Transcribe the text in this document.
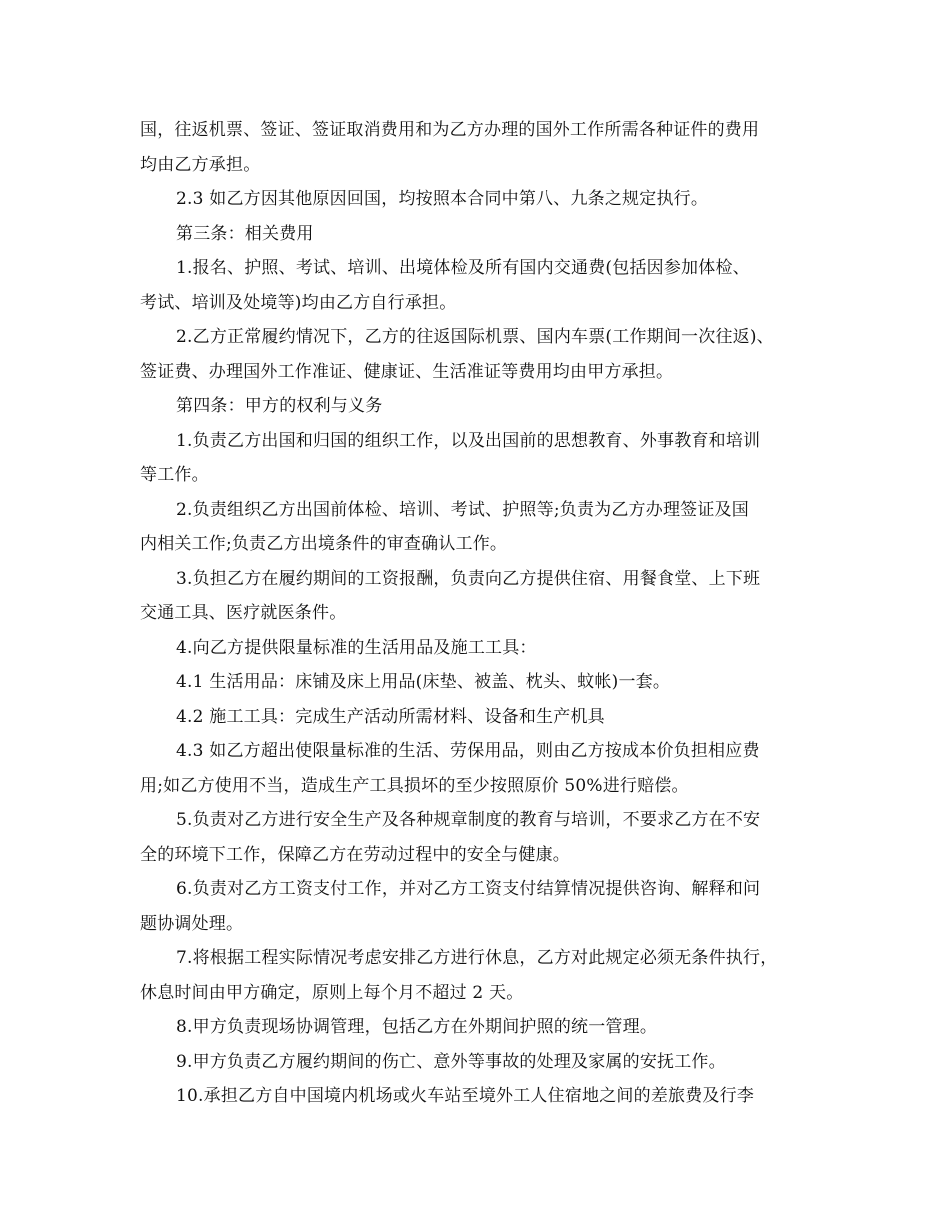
国，往返机票、签证、签证取消费用和为乙方办理的国外工作所需各种证件的费用

均由乙方承担。

2.3 如乙方因其他原因回国，均按照本合同中第八、九条之规定执行。

第三条：相关费用

1.报名、护照、考试、培训、出境体检及所有国内交通费(包括因参加体检、

考试、培训及处境等)均由乙方自行承担。

2.乙方正常履约情况下，乙方的往返国际机票、国内车票(工作期间一次往返)、

签证费、办理国外工作准证、健康证、生活准证等费用均由甲方承担。

第四条：甲方的权利与义务

1.负责乙方出国和归国的组织工作，以及出国前的思想教育、外事教育和培训

等工作。

2.负责组织乙方出国前体检、培训、考试、护照等;负责为乙方办理签证及国

内相关工作;负责乙方出境条件的审查确认工作。

3.负担乙方在履约期间的工资报酬，负责向乙方提供住宿、用餐食堂、上下班

交通工具、医疗就医条件。

4.向乙方提供限量标准的生活用品及施工工具：

4.1 生活用品：床铺及床上用品(床垫、被盖、枕头、蚊帐)一套。

4.2 施工工具：完成生产活动所需材料、设备和生产机具

4.3 如乙方超出使限量标准的生活、劳保用品，则由乙方按成本价负担相应费

用;如乙方使用不当，造成生产工具损坏的至少按照原价 50%进行赔偿。

5.负责对乙方进行安全生产及各种规章制度的教育与培训，不要求乙方在不安

全的环境下工作，保障乙方在劳动过程中的安全与健康。

6.负责对乙方工资支付工作，并对乙方工资支付结算情况提供咨询、解释和问

题协调处理。

7.将根据工程实际情况考虑安排乙方进行休息，乙方对此规定必须无条件执行，

休息时间由甲方确定，原则上每个月不超过 2 天。

8.甲方负责现场协调管理，包括乙方在外期间护照的统一管理。

9.甲方负责乙方履约期间的伤亡、意外等事故的处理及家属的安抚工作。

10.承担乙方自中国境内机场或火车站至境外工人住宿地之间的差旅费及行李
